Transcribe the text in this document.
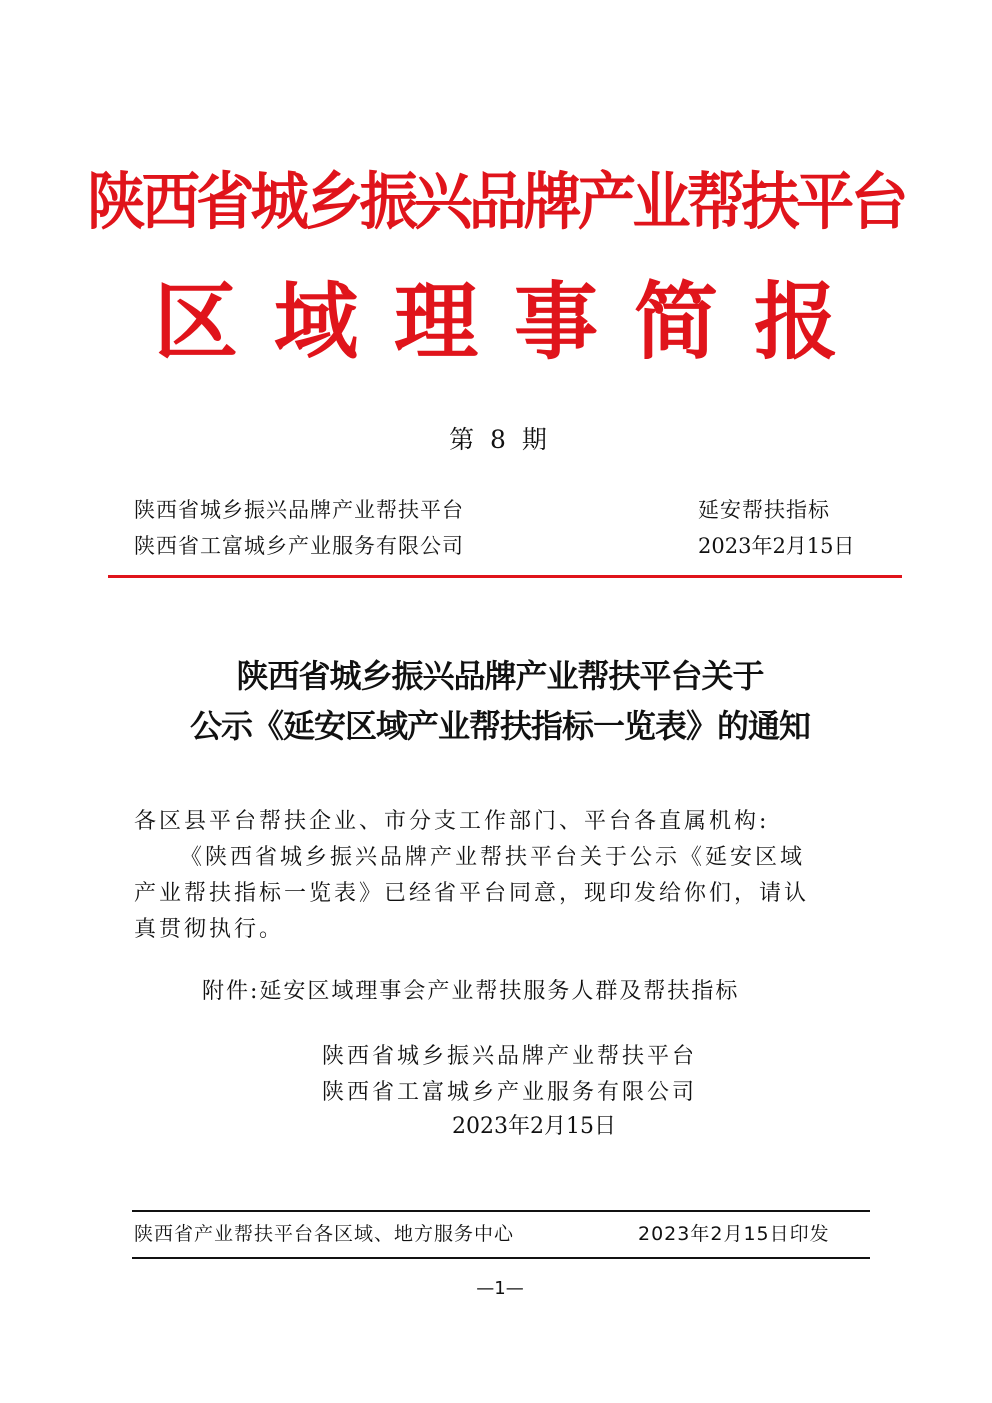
陕西省城乡振兴品牌产业帮扶平台
区域理事简报
第 8 期
陕西省城乡振兴品牌产业帮扶平台
陕西省工富城乡产业服务有限公司
延安帮扶指标
2023年2月15日
陕西省城乡振兴品牌产业帮扶平台关于
公示《延安区域产业帮扶指标一览表》的通知
各区县平台帮扶企业、市分支工作部门、平台各直属机构:
《陕西省城乡振兴品牌产业帮扶平台关于公示《延安区域
产业帮扶指标一览表》已经省平台同意，现印发给你们，请认
真贯彻执行。
附件:延安区域理事会产业帮扶服务人群及帮扶指标
陕西省城乡振兴品牌产业帮扶平台
陕西省工富城乡产业服务有限公司
2023年2月15日
陕西省产业帮扶平台各区域、地方服务中心	2023年2月15日印发
—1—
